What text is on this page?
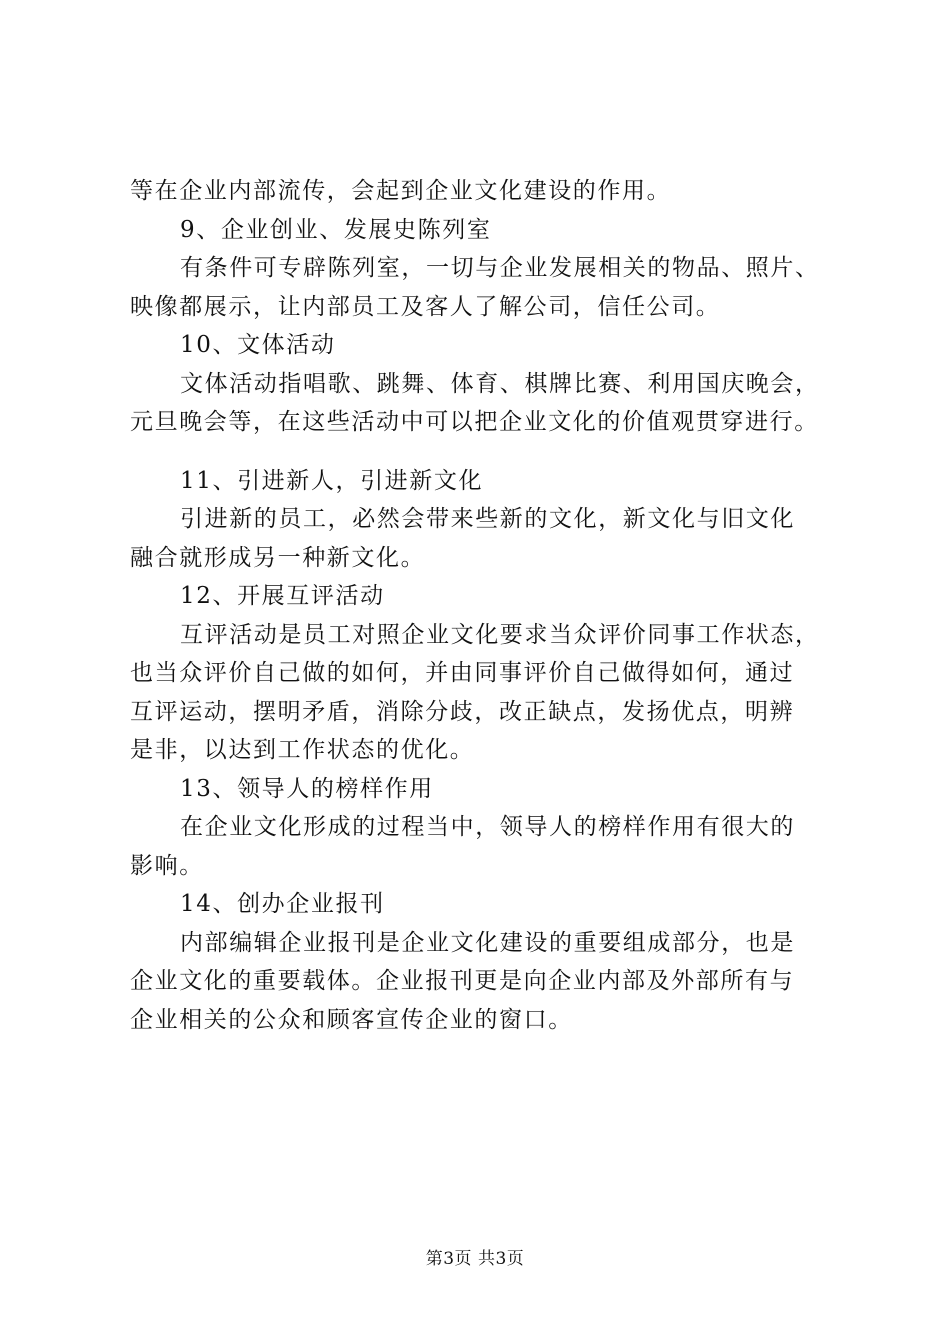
等在企业内部流传，会起到企业文化建设的作用。
9、企业创业、发展史陈列室
有条件可专辟陈列室，一切与企业发展相关的物品、照片、
映像都展示，让内部员工及客人了解公司，信任公司。
10、文体活动
文体活动指唱歌、跳舞、体育、棋牌比赛、利用国庆晚会，
元旦晚会等，在这些活动中可以把企业文化的价值观贯穿进行。
11、引进新人，引进新文化
引进新的员工，必然会带来些新的文化，新文化与旧文化
融合就形成另一种新文化。
12、开展互评活动
互评活动是员工对照企业文化要求当众评价同事工作状态，
也当众评价自己做的如何，并由同事评价自己做得如何，通过
互评运动，摆明矛盾，消除分歧，改正缺点，发扬优点，明辨
是非，以达到工作状态的优化。
13、领导人的榜样作用
在企业文化形成的过程当中，领导人的榜样作用有很大的
影响。
14、创办企业报刊
内部编辑企业报刊是企业文化建设的重要组成部分，也是
企业文化的重要载体。企业报刊更是向企业内部及外部所有与
企业相关的公众和顾客宣传企业的窗口。
第3页 共3页
